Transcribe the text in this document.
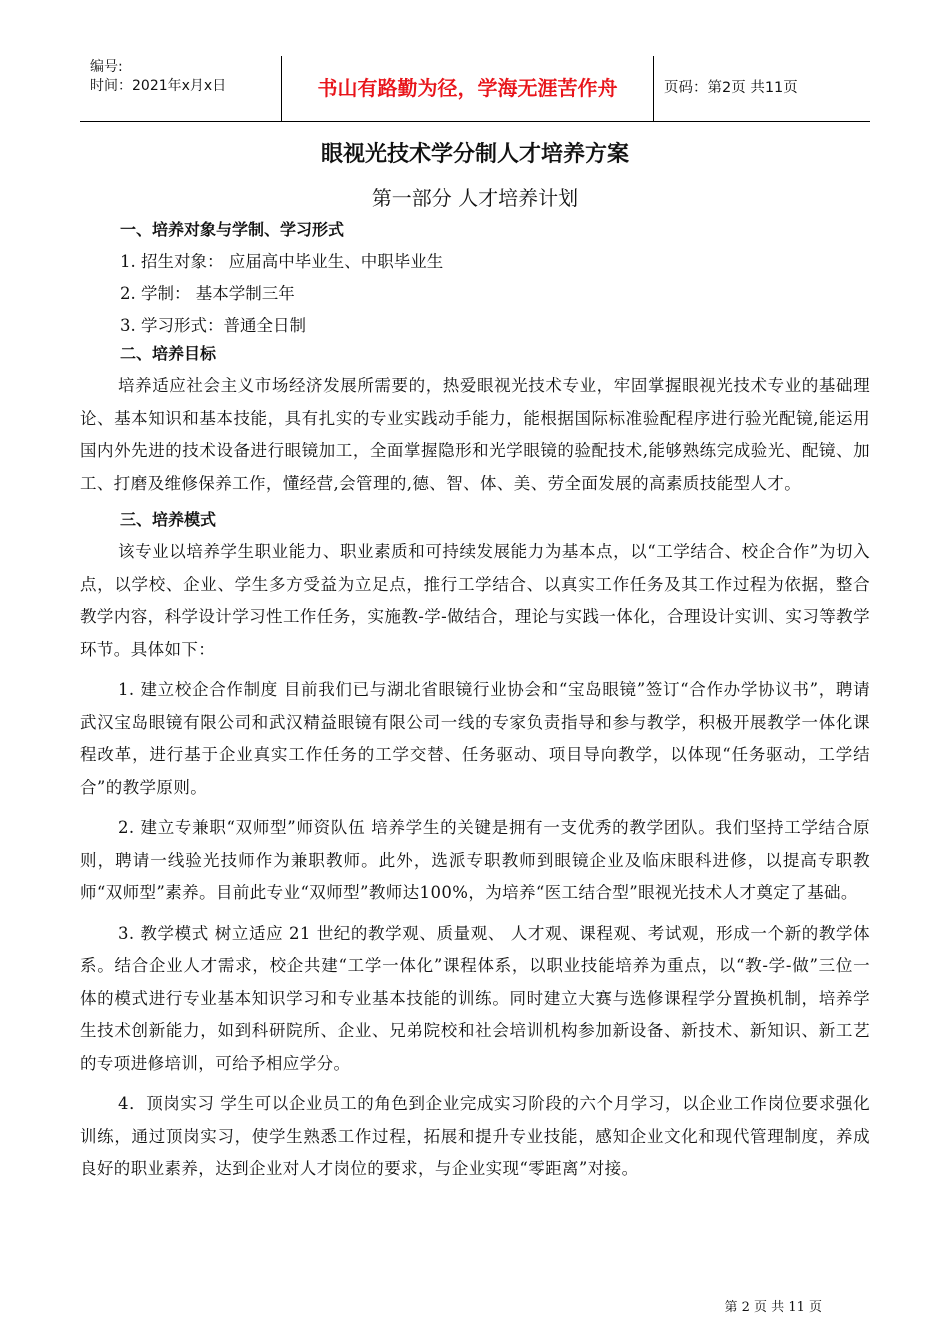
编号:
时间：2021年x月x日	书山有路勤为径，学海无涯苦作舟	页码：第2页 共11页
眼视光技术学分制人才培养方案
第一部分 人才培养计划
一、培养对象与学制、学习形式

1. 招生对象： 应届高中毕业生、中职毕业生

2. 学制： 基本学制三年

3. 学习形式：普通全日制

二、培养目标

培养适应社会主义市场经济发展所需要的，热爱眼视光技术专业，牢固掌握眼视光技术专业的基础理论、基本知识和基本技能，具有扎实的专业实践动手能力，能根据国际标准验配程序进行验光配镜,能运用国内外先进的技术设备进行眼镜加工，全面掌握隐形和光学眼镜的验配技术,能够熟练完成验光、配镜、加工、打磨及维修保养工作，懂经营,会管理的,德、智、体、美、劳全面发展的高素质技能型人才。

三、培养模式

该专业以培养学生职业能力、职业素质和可持续发展能力为基本点，以“工学结合、校企合作”为切入点，以学校、企业、学生多方受益为立足点，推行工学结合、以真实工作任务及其工作过程为依据，整合教学内容，科学设计学习性工作任务，实施教-学-做结合，理论与实践一体化，合理设计实训、实习等教学环节。具体如下：

1. 建立校企合作制度 目前我们已与湖北省眼镜行业协会和“宝岛眼镜”签订“合作办学协议书”，聘请武汉宝岛眼镜有限公司和武汉精益眼镜有限公司一线的专家负责指导和参与教学，积极开展教学一体化课程改革，进行基于企业真实工作任务的工学交替、任务驱动、项目导向教学，以体现“任务驱动，工学结合”的教学原则。

2. 建立专兼职“双师型”师资队伍 培养学生的关键是拥有一支优秀的教学团队。我们坚持工学结合原则，聘请一线验光技师作为兼职教师。此外，选派专职教师到眼镜企业及临床眼科进修，以提高专职教师“双师型”素养。目前此专业“双师型”教师达100%，为培养“医工结合型”眼视光技术人才奠定了基础。

3. 教学模式 树立适应 21 世纪的教学观、质量观、 人才观、课程观、考试观，形成一个新的教学体系。结合企业人才需求，校企共建“工学一体化”课程体系，以职业技能培养为重点，以“教-学-做”三位一体的模式进行专业基本知识学习和专业基本技能的训练。同时建立大赛与选修课程学分置换机制，培养学生技术创新能力，如到科研院所、企业、兄弟院校和社会培训机构参加新设备、新技术、新知识、新工艺的专项进修培训，可给予相应学分。

4．顶岗实习 学生可以企业员工的角色到企业完成实习阶段的六个月学习，以企业工作岗位要求强化训练，通过顶岗实习，使学生熟悉工作过程，拓展和提升专业技能，感知企业文化和现代管理制度，养成良好的职业素养，达到企业对人才岗位的要求，与企业实现“零距离”对接。

第 2 页 共 11 页
